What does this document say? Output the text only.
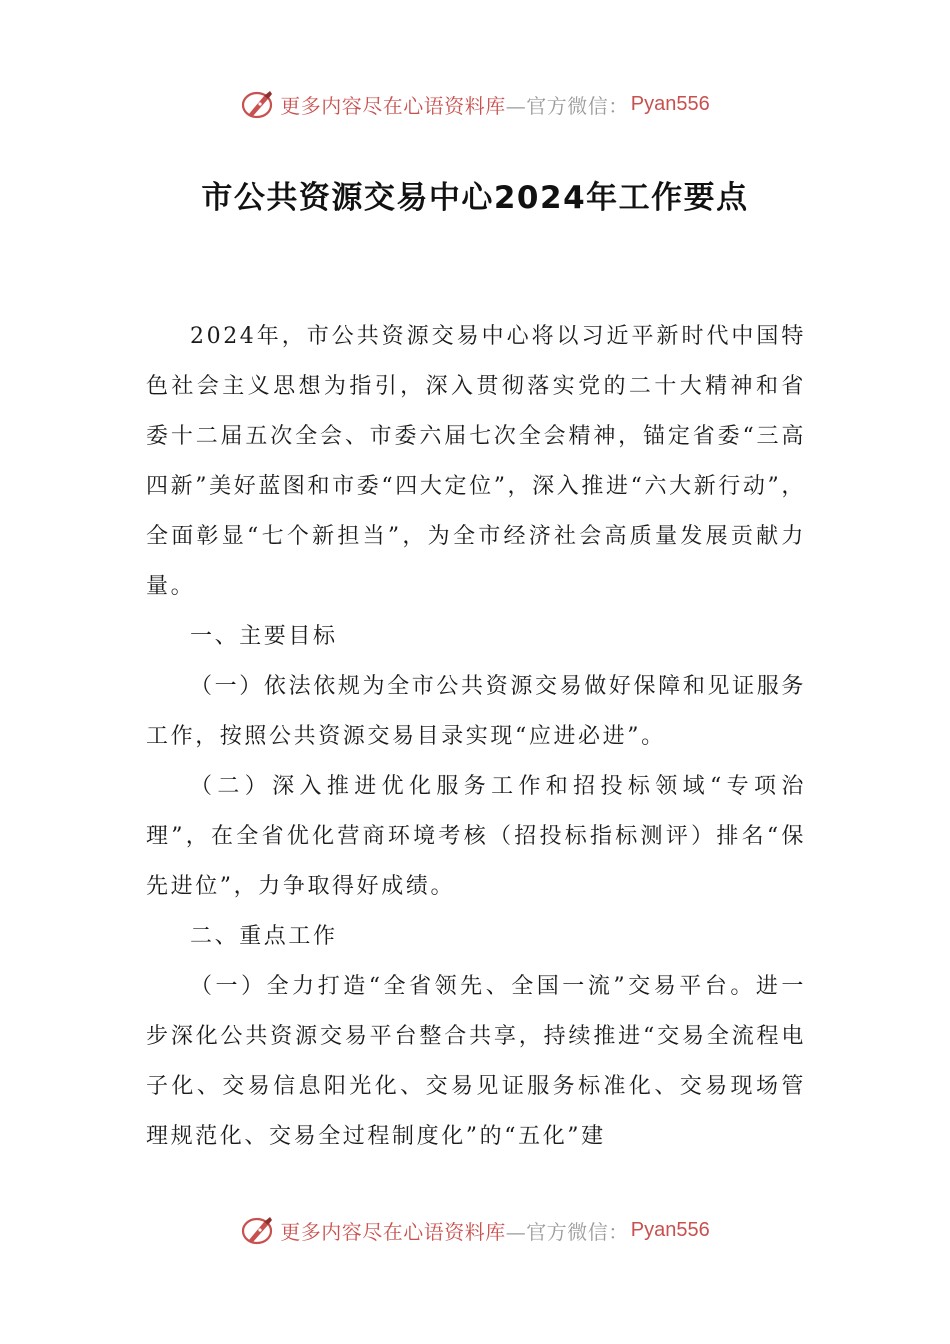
更多内容尽在心语资料库 —官方微信： Pyan556
市公共资源交易中心2024年工作要点

2024年，市公共资源交易中心将以习近平新时代中国特色社会主义思想为指引，深入贯彻落实党的二十大精神和省委十二届五次全会、市委六届七次全会精神，锚定省委“三高四新”美好蓝图和市委“四大定位”，深入推进“六大新行动”，全面彰显“七个新担当”，为全市经济社会高质量发展贡献力量。

一、主要目标

（一）依法依规为全市公共资源交易做好保障和见证服务工作，按照公共资源交易目录实现“应进必进”。

（二）深入推进优化服务工作和招投标领域“专项治理”，在全省优化营商环境考核（招投标指标测评）排名“保先进位”，力争取得好成绩。

二、重点工作

（一）全力打造“全省领先、全国一流”交易平台。进一步深化公共资源交易平台整合共享，持续推进“交易全流程电子化、交易信息阳光化、交易见证服务标准化、交易现场管理规范化、交易全过程制度化”的“五化”建

更多内容尽在心语资料库 —官方微信： Pyan556
